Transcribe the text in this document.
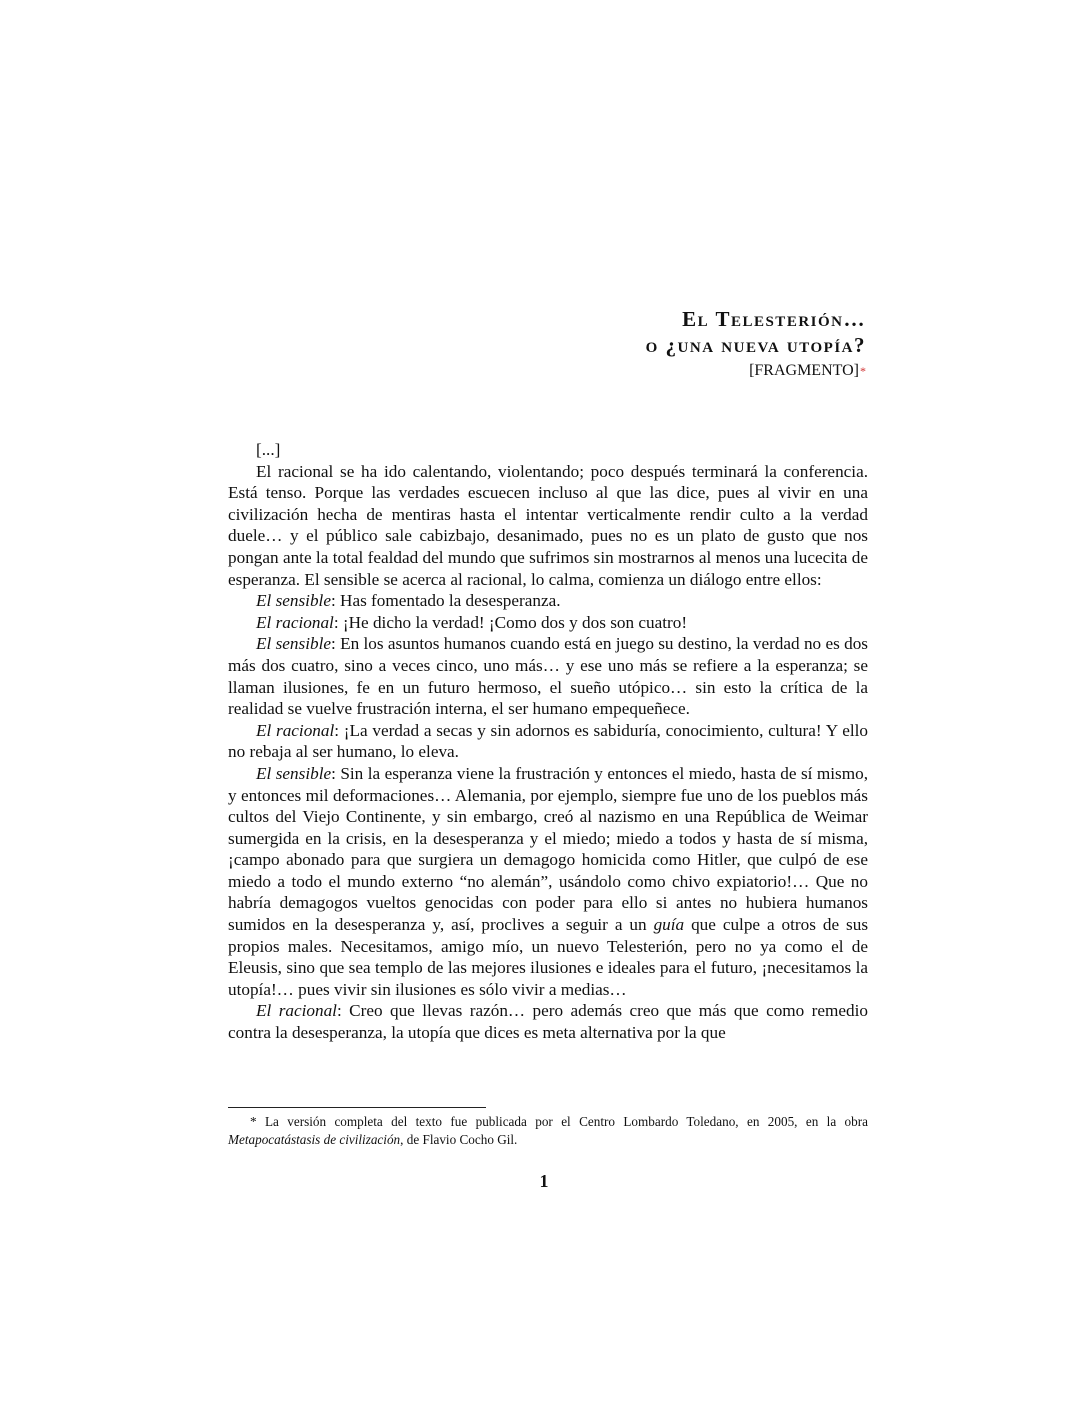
El Telesterión…
o ¿una nueva utopía?
[FRAGMENTO]*

[...]

El racional se ha ido calentando, violentando; poco después terminará la conferencia. Está tenso. Porque las verdades escuecen incluso al que las dice, pues al vivir en una civilización hecha de mentiras hasta el intentar verticalmente rendir culto a la verdad duele… y el público sale cabizbajo, desanimado, pues no es un plato de gusto que nos pongan ante la total fealdad del mundo que sufrimos sin mostrarnos al menos una lucecita de esperanza. El sensible se acerca al racional, lo calma, comienza un diálogo entre ellos:

El sensible: Has fomentado la desesperanza.

El racional: ¡He dicho la verdad! ¡Como dos y dos son cuatro!

El sensible: En los asuntos humanos cuando está en juego su destino, la verdad no es dos más dos cuatro, sino a veces cinco, uno más… y ese uno más se refiere a la esperanza; se llaman ilusiones, fe en un futuro hermoso, el sueño utópico… sin esto la crítica de la realidad se vuelve frustración interna, el ser humano empequeñece.

El racional: ¡La verdad a secas y sin adornos es sabiduría, conocimiento, cultura! Y ello no rebaja al ser humano, lo eleva.

El sensible: Sin la esperanza viene la frustración y entonces el miedo, hasta de sí mismo, y entonces mil deformaciones… Alemania, por ejemplo, siempre fue uno de los pueblos más cultos del Viejo Continente, y sin embargo, creó al nazismo en una República de Weimar sumergida en la crisis, en la desesperanza y el miedo; miedo a todos y hasta de sí misma, ¡campo abonado para que surgiera un demagogo homicida como Hitler, que culpó de ese miedo a todo el mundo externo “no alemán”, usándolo como chivo expiatorio!… Que no habría demagogos vueltos genocidas con poder para ello si antes no hubiera humanos sumidos en la desesperanza y, así, proclives a seguir a un guía que culpe a otros de sus propios males. Necesitamos, amigo mío, un nuevo Telesterión, pero no ya como el de Eleusis, sino que sea templo de las mejores ilusiones e ideales para el futuro, ¡necesitamos la utopía!… pues vivir sin ilusiones es sólo vivir a medias…

El racional: Creo que llevas razón… pero además creo que más que como remedio contra la desesperanza, la utopía que dices es meta alternativa por la que

* La versión completa del texto fue publicada por el Centro Lombardo Toledano, en 2005, en la obra Metapocatástasis de civilización, de Flavio Cocho Gil.
1
